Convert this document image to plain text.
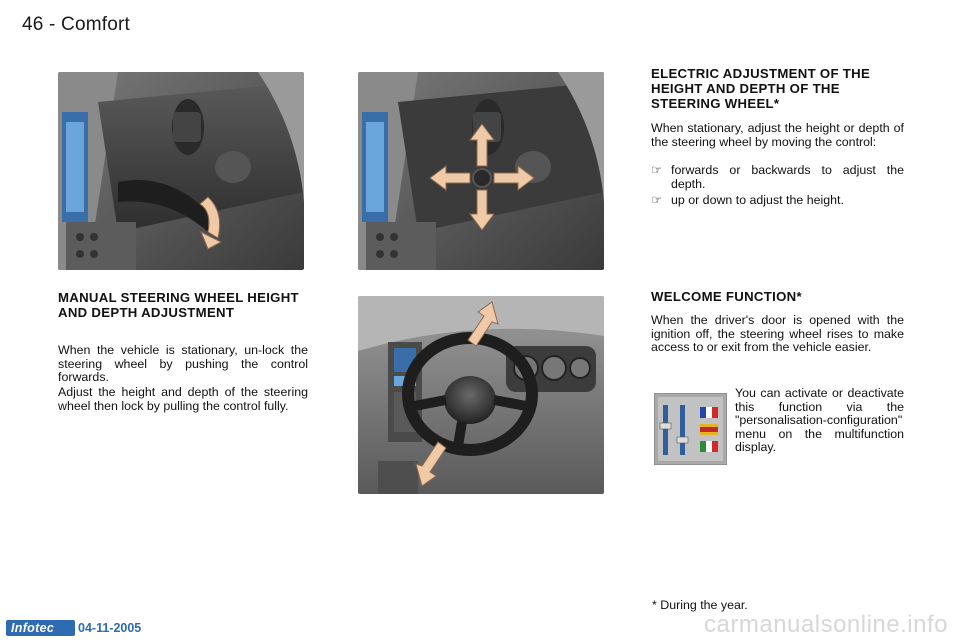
46 - Comfort
ELECTRIC ADJUSTMENT OF THE HEIGHT AND DEPTH OF THE STEERING WHEEL*
When stationary, adjust the height or depth of the steering wheel by moving the control:
☞ forwards or backwards to adjust the depth.
☞ up or down to adjust the height.
MANUAL STEERING WHEEL HEIGHT AND DEPTH ADJUSTMENT
When the vehicle is stationary, un-lock the steering wheel by pushing the control forwards.
Adjust the height and depth of the steering wheel then lock by pulling the control fully.
WELCOME FUNCTION*
When the driver's door is opened with the ignition off, the steering wheel rises to make access to or exit from the vehicle easier.
You can activate or deactivate this function via the "personalisation-configuration" menu on the multifunction display.
* During the year.
Infotec	04-11-2005	carmanualsonline.info
